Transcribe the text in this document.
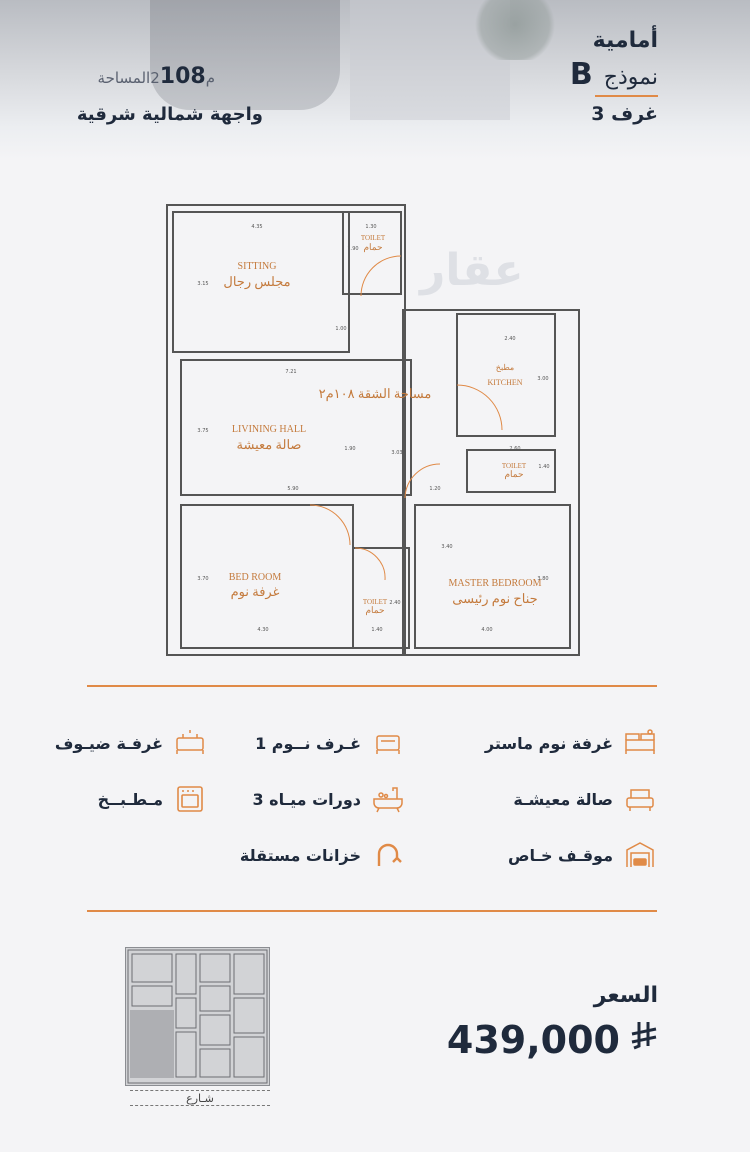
أمامية
B نموذج
3 غرف
م2108المساحة
واجهة شمالية شرقية
عقار
SITTING
مجلس رجال
TOILET
حمام
مطبخ
KITCHEN
مساحة الشقة ١٠٨م٢
LIVINING HALL
صالة معيشة
TOILET
حمام
BED ROOM
غرفة نوم
TOILET
حمام
MASTER BEDROOM
جناح نوم رئيسى
4.35	1.30
3.15
1.90
1.00
2.40
3.00
7.21
3.75
3.03
2.60
1.40
5.90	1.20
3.70
4.30	1.40
2.40
4.00
3.80
3.40
1.90
غرفة نوم ماستر
1 غـرف نــوم
غرفـة ضيـوف
صالة معيشـة
3 دورات ميـاه
مـطـبــخ
موقـف خـاص
خزانات مستقلة
شـارع
السعر
439,000
